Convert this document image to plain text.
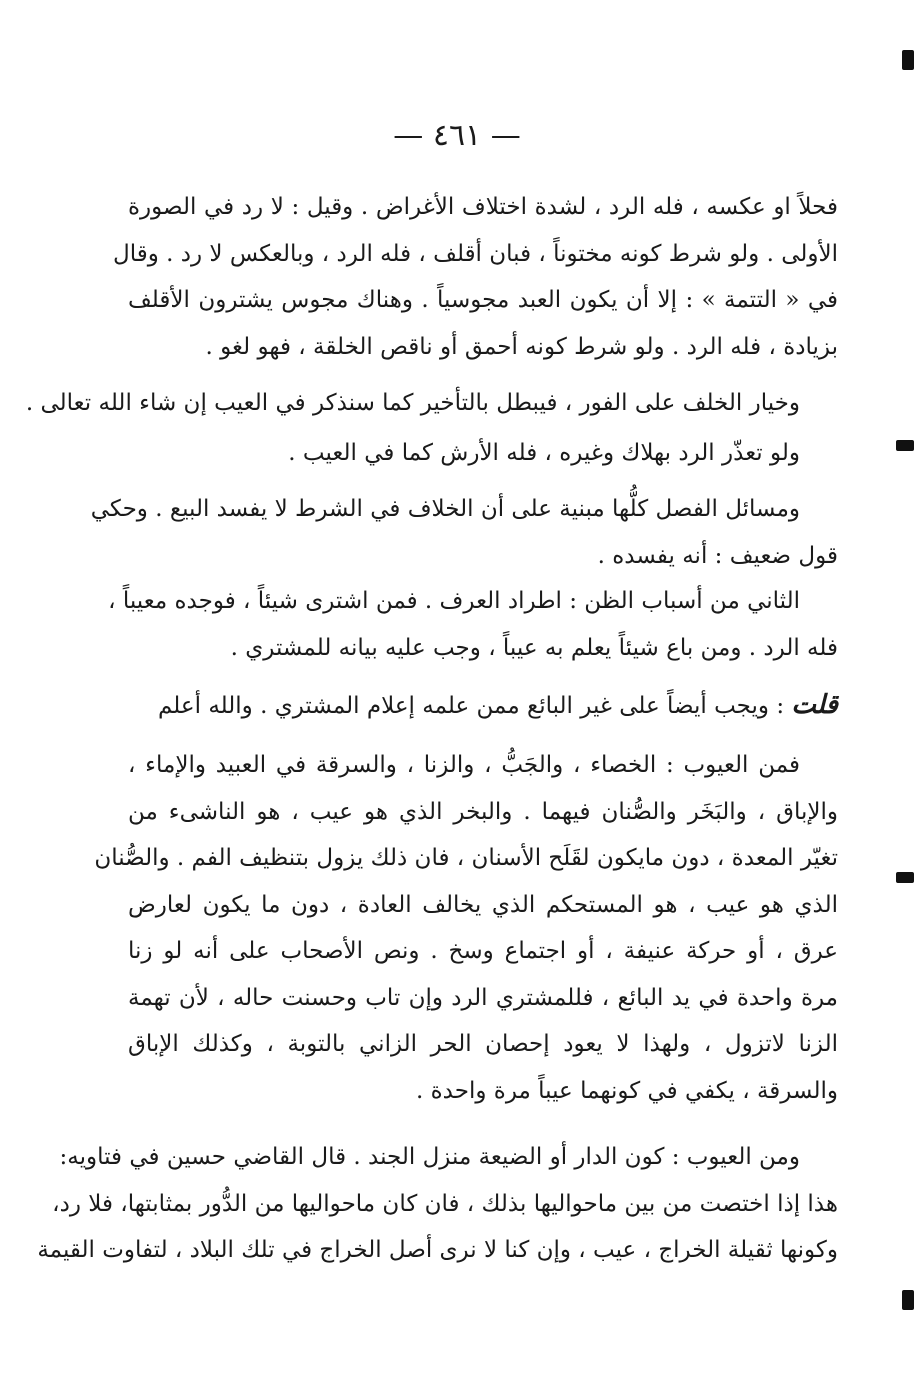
— ٤٦١ —
فحلاً او عكسه ، فله الرد ، لشدة اختلاف الأغراض . وقيل : لا رد في الصورة
الأولى . ولو شرط كونه مختوناً ، فبان أقلف ، فله الرد ، وبالعكس لا رد . وقال
في « التتمة » : إلا أن يكون العبد مجوسياً . وهناك مجوس يشترون الأقلف
بزيادة ، فله الرد . ولو شرط كونه أحمق أو ناقص الخلقة ، فهو لغو .
وخيار الخلف على الفور ، فيبطل بالتأخير كما سنذكر في العيب إن شاء الله تعالى .
ولو تعذّر الرد بهلاك وغيره ، فله الأرش كما في العيب .
ومسائل الفصل كلُّها مبنية على أن الخلاف في الشرط لا يفسد البيع . وحكي
قول ضعيف : أنه يفسده .
الثاني من أسباب الظن : اطراد العرف . فمن اشترى شيئاً ، فوجده معيباً ،
فله الرد . ومن باع شيئاً يعلم به عيباً ، وجب عليه بيانه للمشتري .
قلت : ويجب أيضاً على غير البائع ممن علمه إعلام المشتري . والله أعلم
فمن العيوب : الخصاء ، والجَبُّ ، والزنا ، والسرقة في العبيد والإماء ،
والإباق ، والبَخَر والصُّنان فيهما . والبخر الذي هو عيب ، هو الناشىء من
تغيّر المعدة ، دون مايكون لقَلَح الأسنان ، فان ذلك يزول بتنظيف الفم . والصُّنان
الذي هو عيب ، هو المستحكم الذي يخالف العادة ، دون ما يكون لعارض
عرق ، أو حركة عنيفة ، أو اجتماع وسخ . ونص الأصحاب على أنه لو زنا
مرة واحدة في يد البائع ، فللمشتري الرد وإن تاب وحسنت حاله ، لأن تهمة
الزنا لاتزول ، ولهذا لا يعود إحصان الحر الزاني بالتوبة ، وكذلك الإباق
والسرقة ، يكفي في كونهما عيباً مرة واحدة .
ومن العيوب : كون الدار أو الضيعة منزل الجند . قال القاضي حسين في فتاويه:
هذا إذا اختصت من بين ماحواليها بذلك ، فان كان ماحواليها من الدُّور بمثابتها، فلا رد،
وكونها ثقيلة الخراج ، عيب ، وإن كنا لا نرى أصل الخراج في تلك البلاد ، لتفاوت القيمة
